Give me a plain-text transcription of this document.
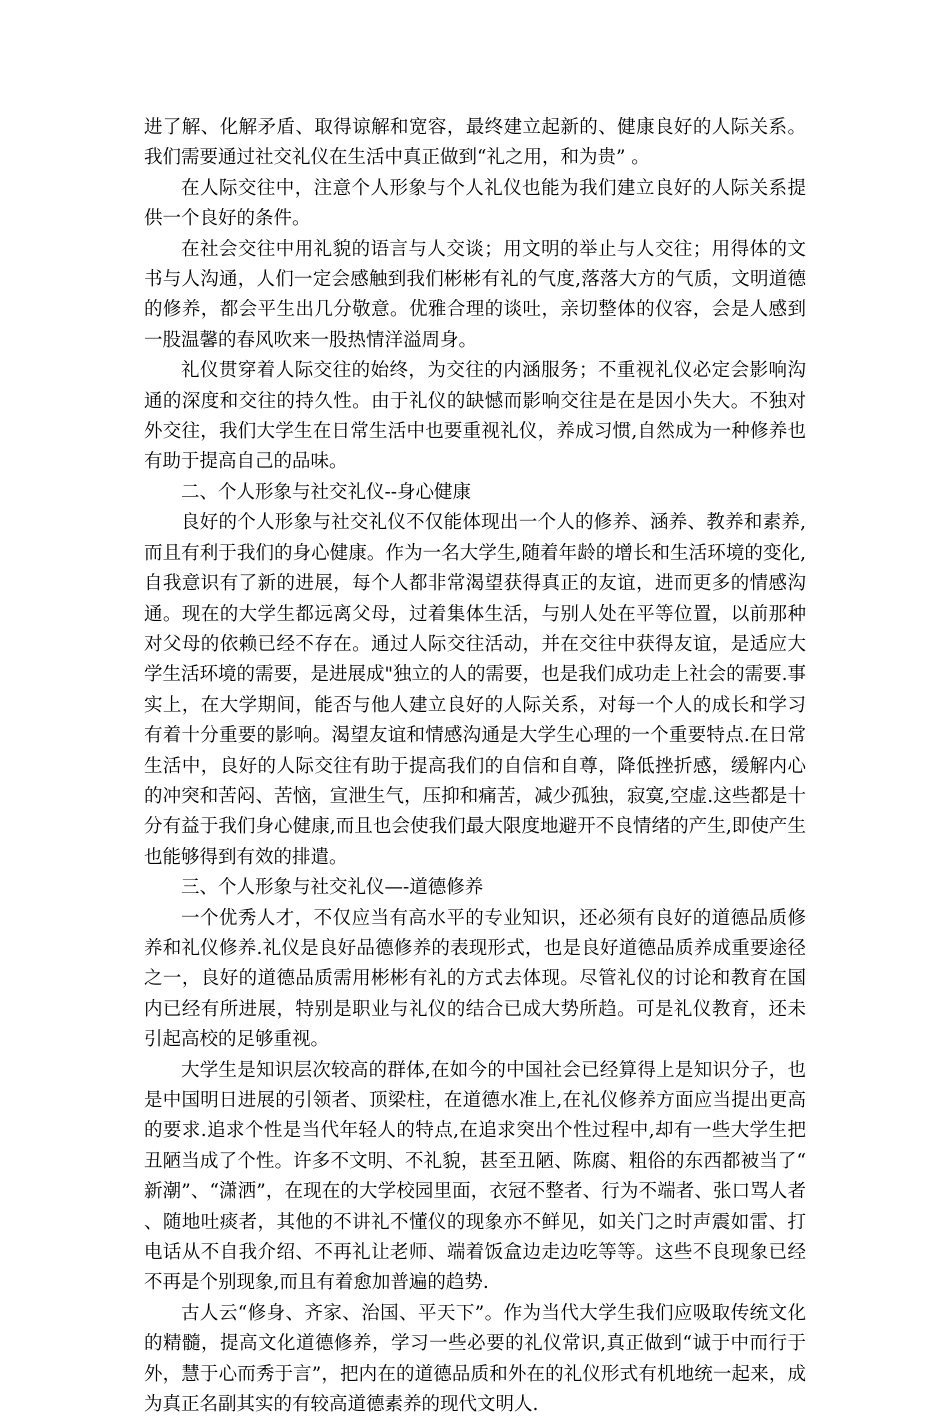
进了解、化解矛盾、取得谅解和宽容，最终建立起新的、健康良好的人际关系。我们需要通过社交礼仪在生活中真正做到“礼之用，和为贵” 。

在人际交往中，注意个人形象与个人礼仪也能为我们建立良好的人际关系提供一个良好的条件。

在社会交往中用礼貌的语言与人交谈；用文明的举止与人交往；用得体的文书与人沟通，人们一定会感触到我们彬彬有礼的气度,落落大方的气质，文明道德的修养，都会平生出几分敬意。优雅合理的谈吐，亲切整体的仪容，会是人感到一股温馨的春风吹来一股热情洋溢周身。

礼仪贯穿着人际交往的始终，为交往的内涵服务；不重视礼仪必定会影响沟通的深度和交往的持久性。由于礼仪的缺憾而影响交往是在是因小失大。不独对外交往，我们大学生在日常生活中也要重视礼仪，养成习惯,自然成为一种修养也有助于提高自己的品味。

二、个人形象与社交礼仪--身心健康

良好的个人形象与社交礼仪不仅能体现出一个人的修养、涵养、教养和素养,而且有利于我们的身心健康。作为一名大学生,随着年龄的增长和生活环境的变化,自我意识有了新的进展，每个人都非常渴望获得真正的友谊，进而更多的情感沟通。现在的大学生都远离父母，过着集体生活，与别人处在平等位置，以前那种对父母的依赖已经不存在。通过人际交往活动，并在交往中获得友谊，是适应大学生活环境的需要，是进展成"独立的人的需要，也是我们成功走上社会的需要.事实上，在大学期间，能否与他人建立良好的人际关系，对每一个人的成长和学习有着十分重要的影响。渴望友谊和情感沟通是大学生心理的一个重要特点.在日常生活中，良好的人际交往有助于提高我们的自信和自尊，降低挫折感，缓解内心的冲突和苦闷、苦恼，宣泄生气，压抑和痛苦，减少孤独，寂寞,空虚.这些都是十分有益于我们身心健康,而且也会使我们最大限度地避开不良情绪的产生,即使产生也能够得到有效的排遣。

三、个人形象与社交礼仪—-道德修养

一个优秀人才，不仅应当有高水平的专业知识，还必须有良好的道德品质修养和礼仪修养.礼仪是良好品德修养的表现形式，也是良好道德品质养成重要途径之一，良好的道德品质需用彬彬有礼的方式去体现。尽管礼仪的讨论和教育在国内已经有所进展，特别是职业与礼仪的结合已成大势所趋。可是礼仪教育，还未引起高校的足够重视。

大学生是知识层次较高的群体,在如今的中国社会已经算得上是知识分子，也是中国明日进展的引领者、顶梁柱，在道德水准上,在礼仪修养方面应当提出更高的要求.追求个性是当代年轻人的特点,在追求突出个性过程中,却有一些大学生把丑陋当成了个性。许多不文明、不礼貌，甚至丑陋、陈腐、粗俗的东西都被当了“新潮”、“潇洒”，在现在的大学校园里面，衣冠不整者、行为不端者、张口骂人者、随地吐痰者，其他的不讲礼不懂仪的现象亦不鲜见，如关门之时声震如雷、打电话从不自我介绍、不再礼让老师、端着饭盒边走边吃等等。这些不良现象已经不再是个别现象,而且有着愈加普遍的趋势.

古人云“修身、齐家、治国、平天下”。作为当代大学生我们应吸取传统文化的精髓，提高文化道德修养，学习一些必要的礼仪常识,真正做到“诚于中而行于外，慧于心而秀于言”，把内在的道德品质和外在的礼仪形式有机地统一起来，成为真正名副其实的有较高道德素养的现代文明人.
